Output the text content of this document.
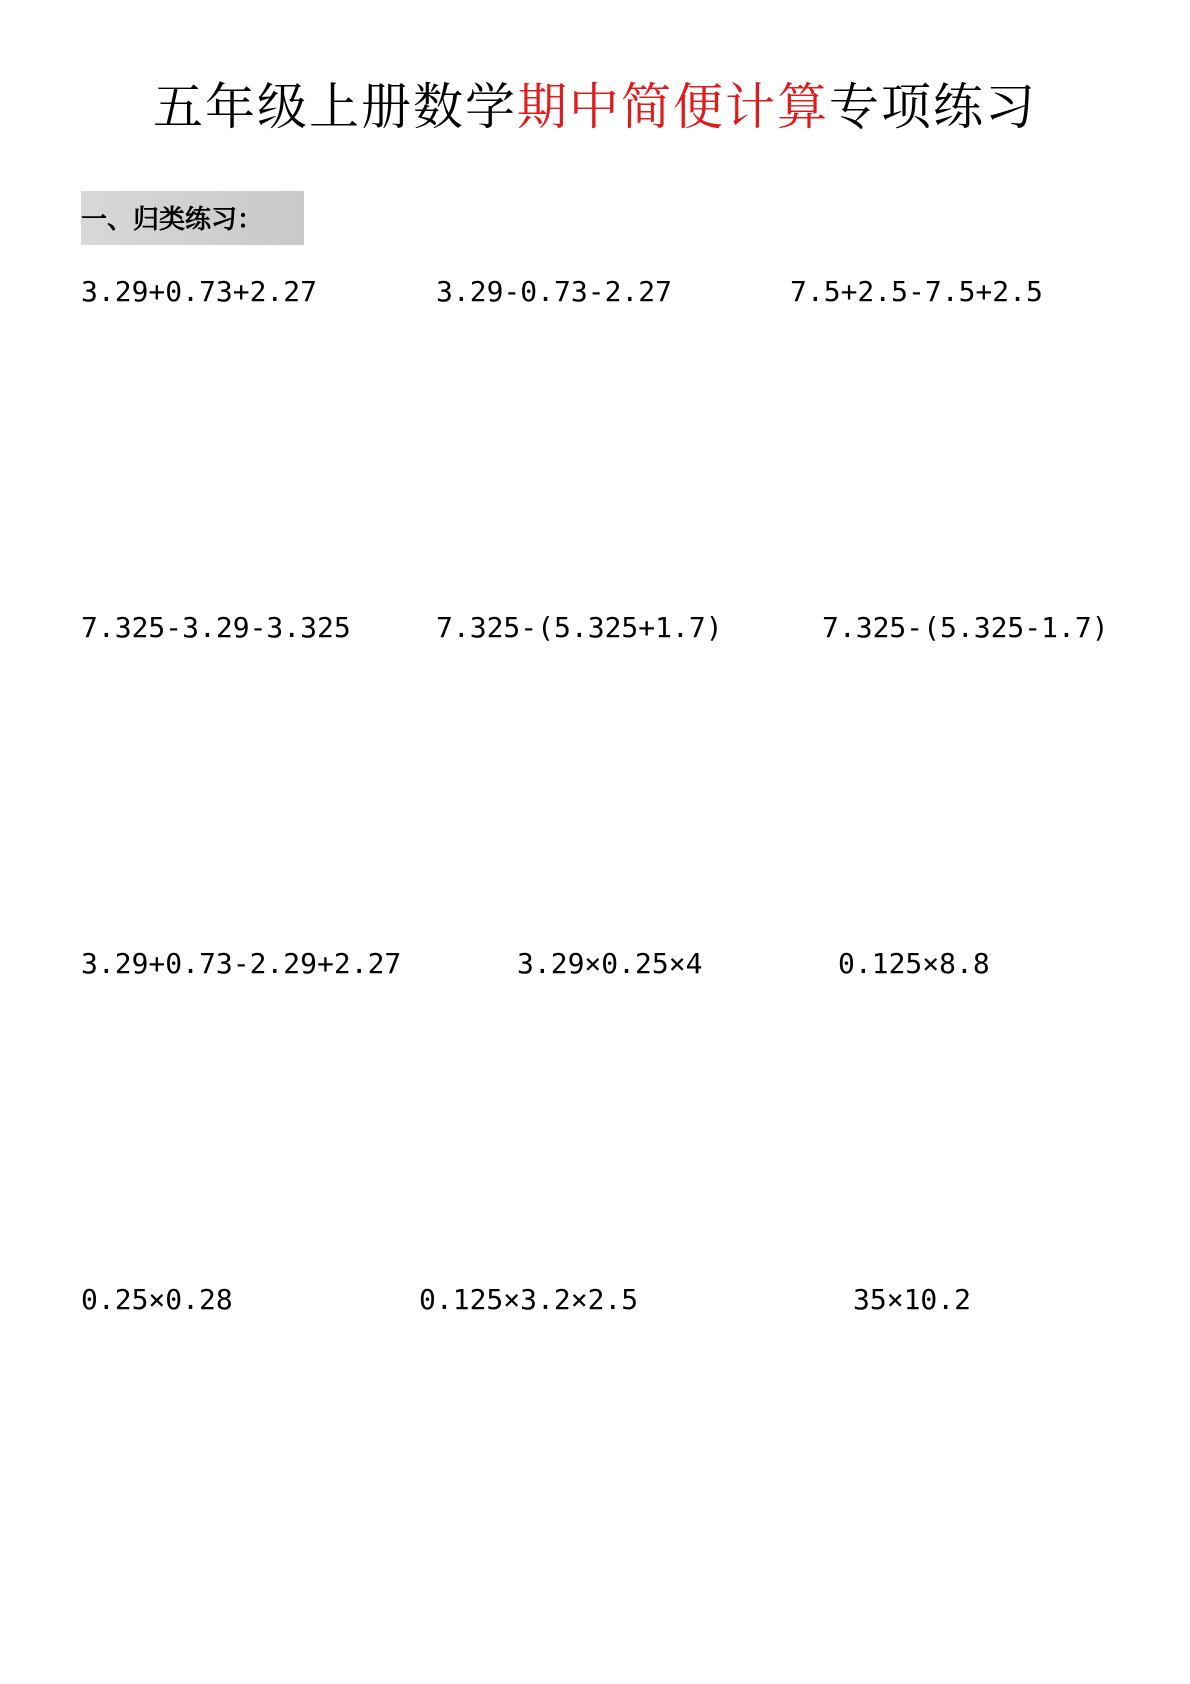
五年级上册数学期中简便计算专项练习
一、归类练习：
3.29+0.73+2.27	3.29-0.73-2.27	7.5+2.5-7.5+2.5
7.325-3.29-3.325	7.325-(5.325+1.7)	7.325-(5.325-1.7)
3.29+0.73-2.29+2.27	3.29×0.25×4	0.125×8.8
0.25×0.28	0.125×3.2×2.5	35×10.2
